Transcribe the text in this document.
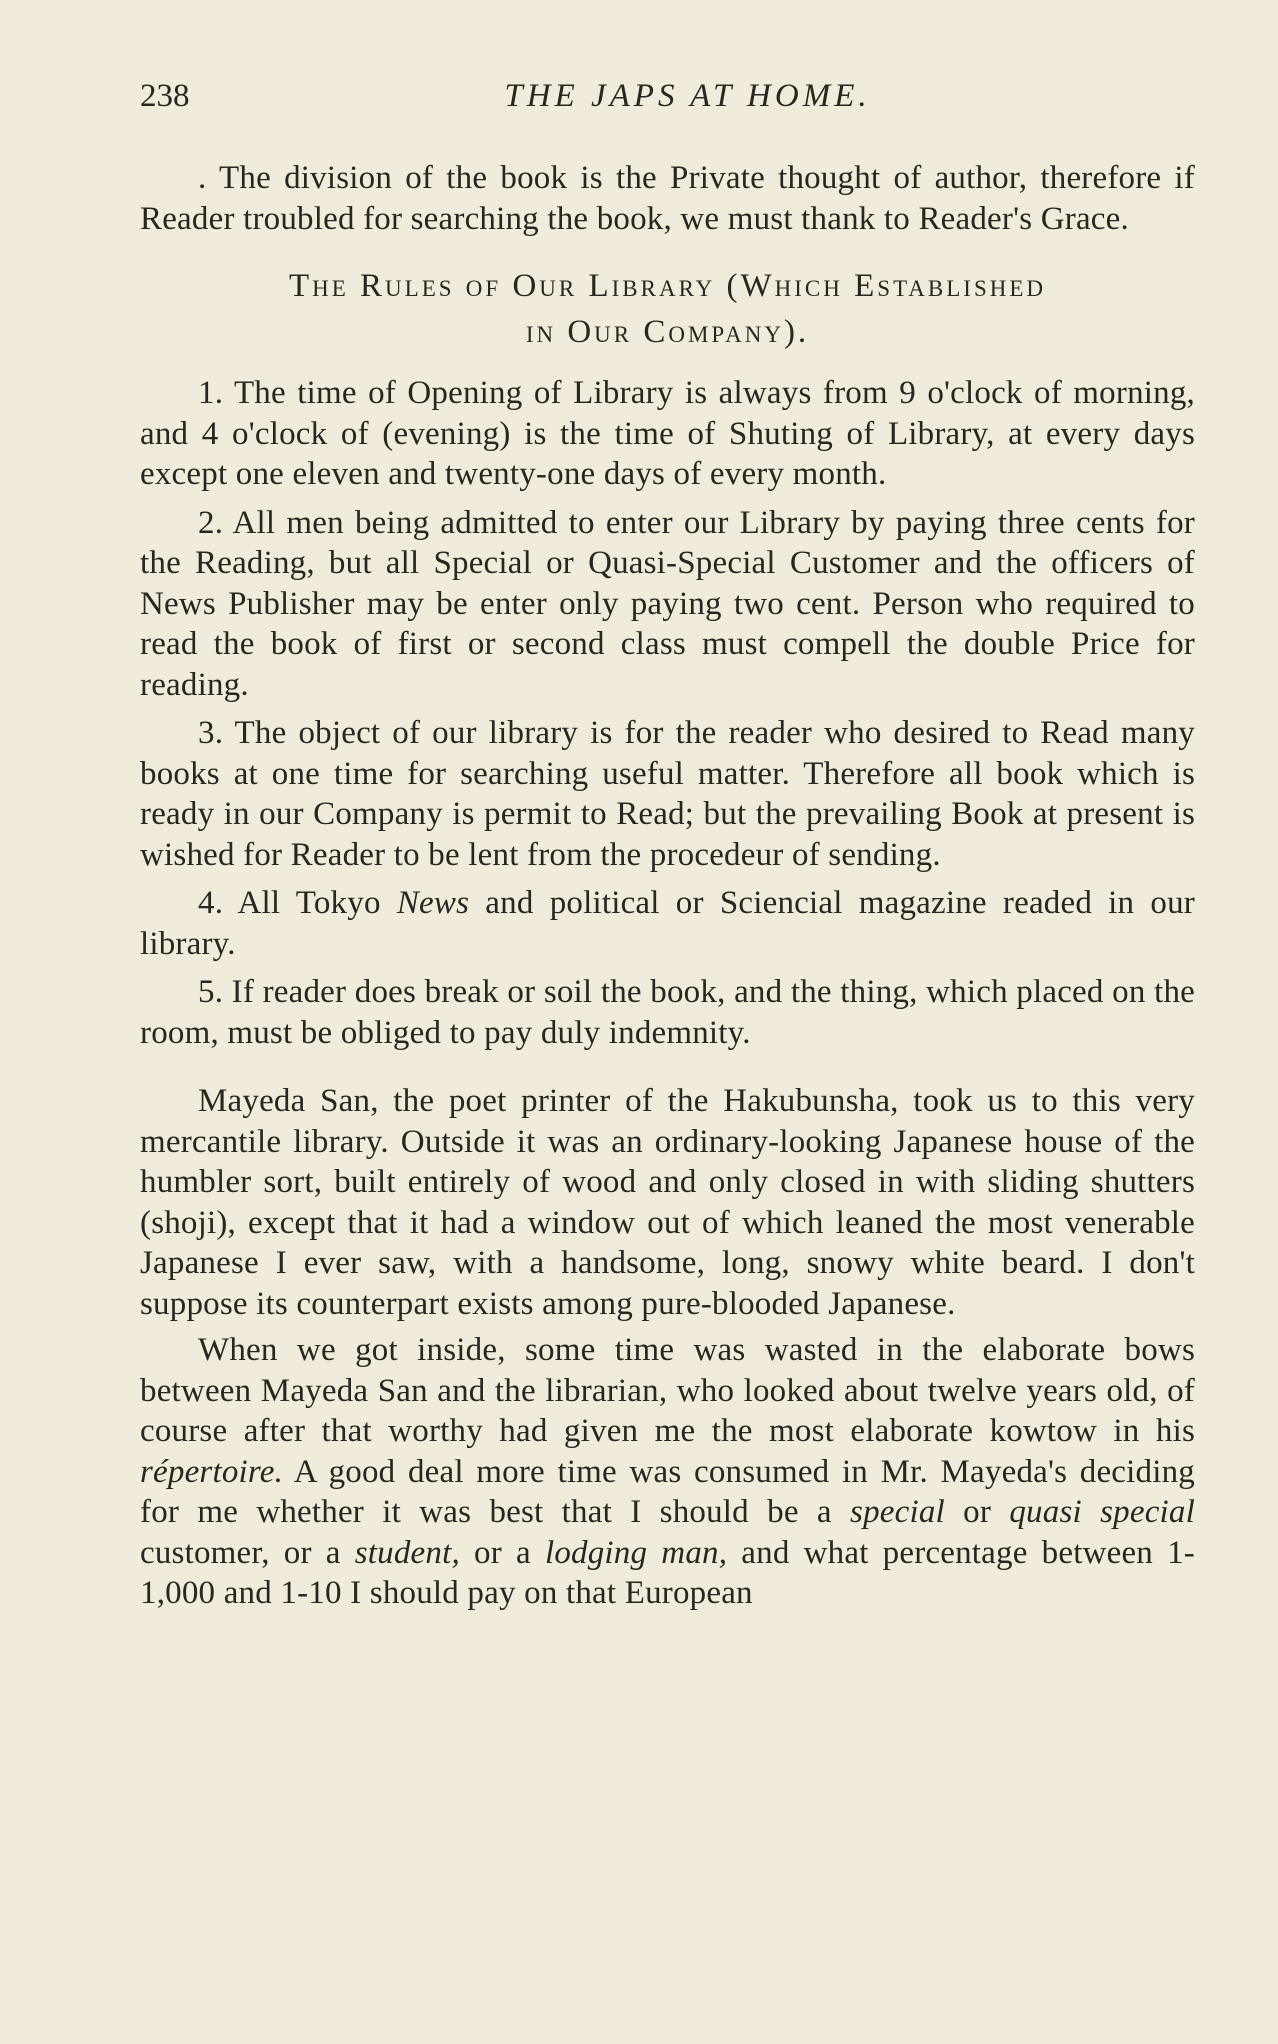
238	THE JAPS AT HOME.

. The division of the book is the Private thought of author, therefore if Reader troubled for searching the book, we must thank to Reader's Grace.

The Rules of Our Library (Which Established
in Our Company).

1. The time of Opening of Library is always from 9 o'clock of morning, and 4 o'clock of (evening) is the time of Shuting of Library, at every days except one eleven and twenty-one days of every month.

2. All men being admitted to enter our Library by paying three cents for the Reading, but all Special or Quasi-Special Customer and the officers of News Publisher may be enter only paying two cent. Person who required to read the book of first or second class must compell the double Price for reading.

3. The object of our library is for the reader who desired to Read many books at one time for searching useful matter. Therefore all book which is ready in our Company is permit to Read; but the prevailing Book at present is wished for Reader to be lent from the procedeur of sending.

4. All Tokyo News and political or Sciencial magazine readed in our library.

5. If reader does break or soil the book, and the thing, which placed on the room, must be obliged to pay duly indemnity.

Mayeda San, the poet printer of the Hakubunsha, took us to this very mercantile library. Outside it was an ordinary-looking Japanese house of the humbler sort, built entirely of wood and only closed in with sliding shutters (shoji), except that it had a window out of which leaned the most venerable Japanese I ever saw, with a handsome, long, snowy white beard. I don't suppose its counterpart exists among pure-blooded Japanese.

When we got inside, some time was wasted in the elaborate bows between Mayeda San and the librarian, who looked about twelve years old, of course after that worthy had given me the most elaborate kowtow in his répertoire. A good deal more time was consumed in Mr. Mayeda's deciding for me whether it was best that I should be a special or quasi special customer, or a student, or a lodging man, and what percentage between 1-1,000 and 1-10 I should pay on that European
